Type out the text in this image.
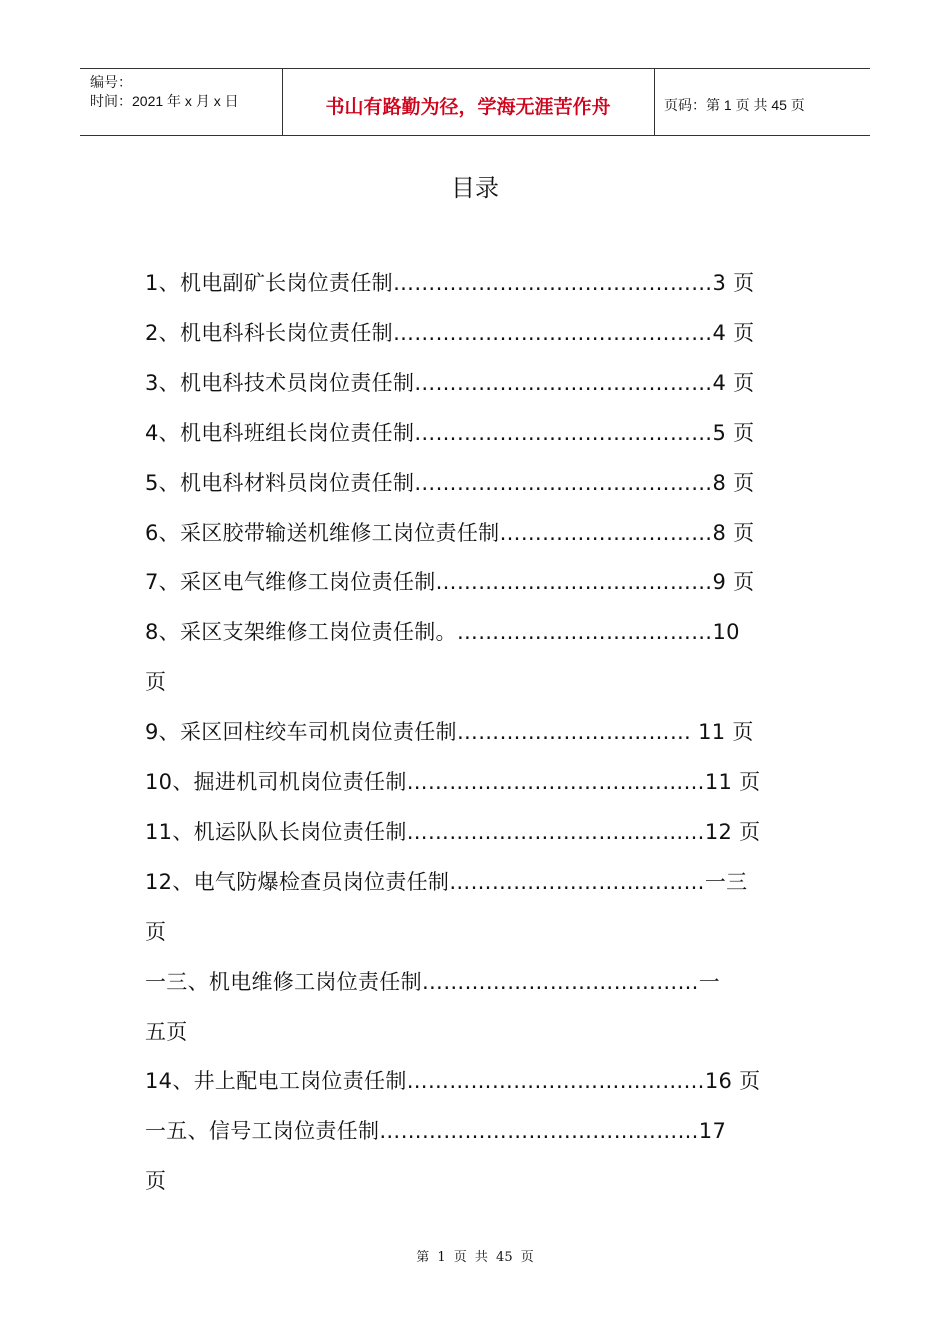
编号：
时间：2021 年 x 月 x 日	书山有路勤为径，学海无涯苦作舟	页码：第 1 页 共 45 页
目录
1、机电副矿长岗位责任制………………………………………3 页
2、机电科科长岗位责任制………………………………………4 页
3、机电科技术员岗位责任制……………………………………4 页
4、机电科班组长岗位责任制……………………………………5 页
5、机电科材料员岗位责任制……………………………………8 页
6、采区胶带输送机维修工岗位责任制…………………………8 页
7、采区电气维修工岗位责任制…………………………………9 页
8、采区支架维修工岗位责任制。………………………………10
页
9、采区回柱绞车司机岗位责任制…………………………… 11 页
10、掘进机司机岗位责任制……………………………………11 页
11、机运队队长岗位责任制……………………………………12 页
12、电气防爆检查员岗位责任制………………………………一三
页
一三、机电维修工岗位责任制…………………………………一
五页
14、井上配电工岗位责任制……………………………………16 页
一五、信号工岗位责任制………………………………………17
页
第 1 页 共 45 页
